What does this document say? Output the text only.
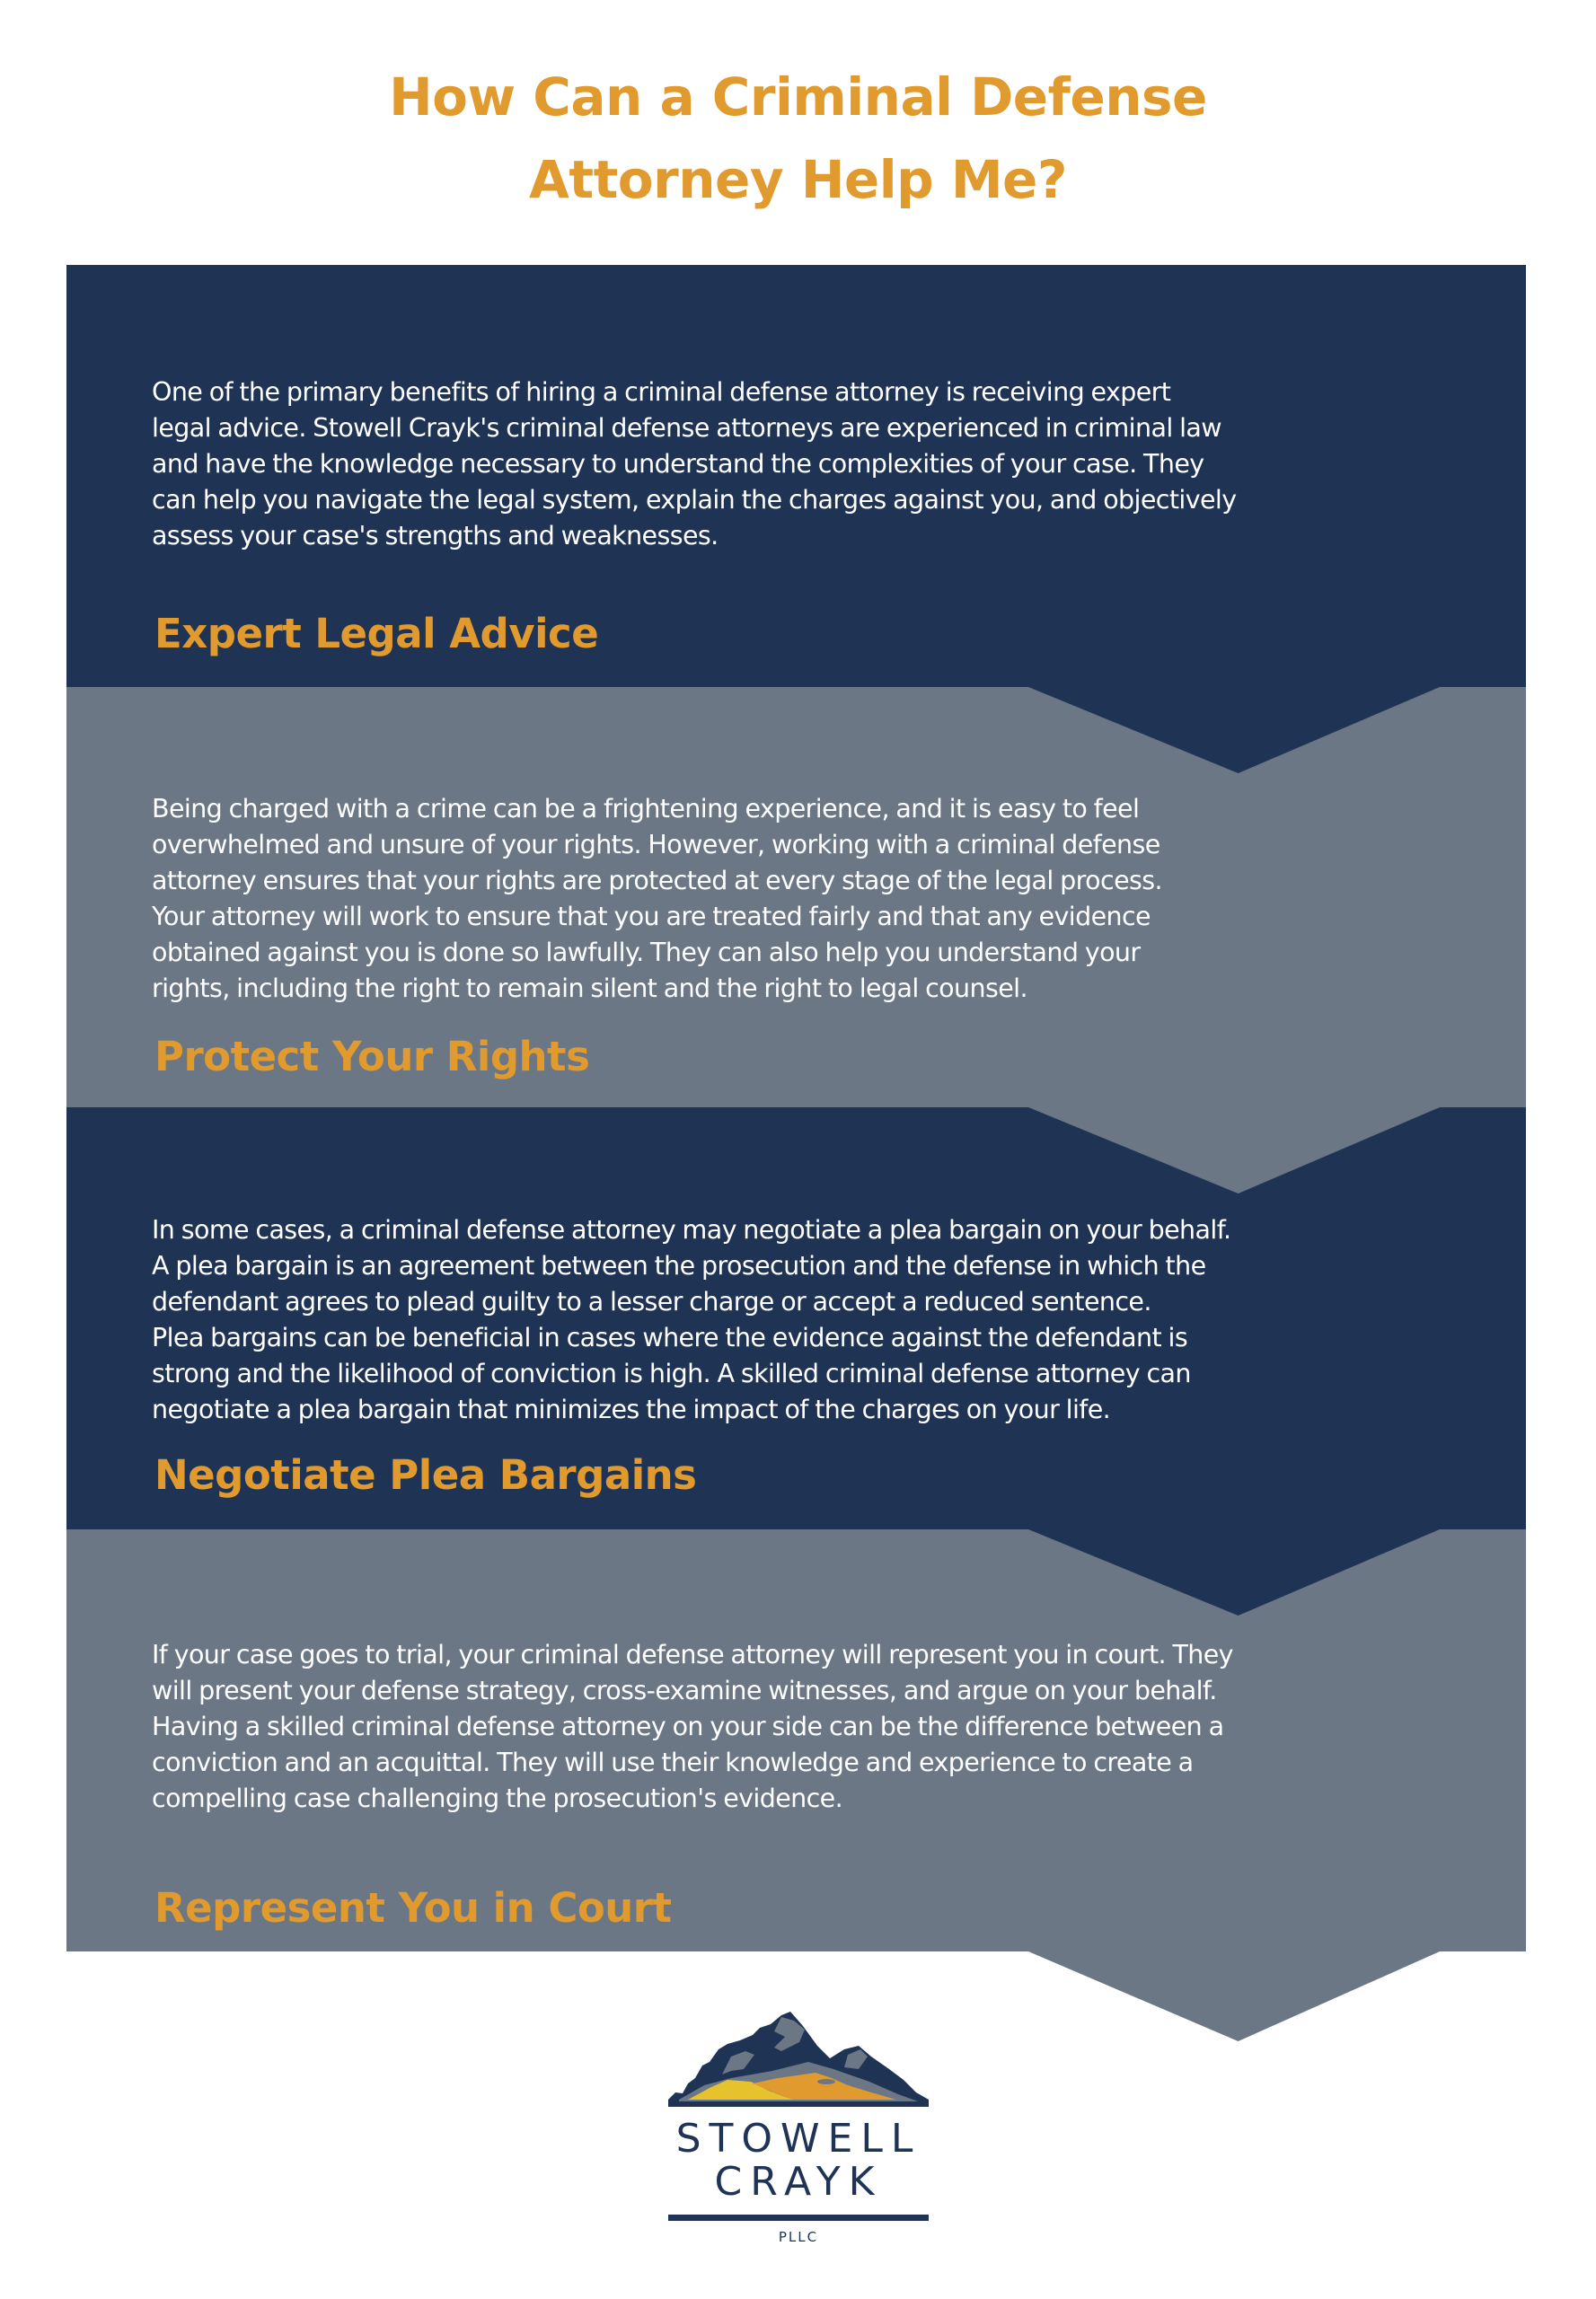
How Can a Criminal Defense
Attorney Help Me?
One of the primary benefits of hiring a criminal defense attorney is receiving expert
legal advice. Stowell Crayk's criminal defense attorneys are experienced in criminal law
and have the knowledge necessary to understand the complexities of your case. They
can help you navigate the legal system, explain the charges against you, and objectively
assess your case's strengths and weaknesses.
Expert Legal Advice
Being charged with a crime can be a frightening experience, and it is easy to feel
overwhelmed and unsure of your rights. However, working with a criminal defense
attorney ensures that your rights are protected at every stage of the legal process.
Your attorney will work to ensure that you are treated fairly and that any evidence
obtained against you is done so lawfully. They can also help you understand your
rights, including the right to remain silent and the right to legal counsel.
Protect Your Rights
In some cases, a criminal defense attorney may negotiate a plea bargain on your behalf.
A plea bargain is an agreement between the prosecution and the defense in which the
defendant agrees to plead guilty to a lesser charge or accept a reduced sentence.
Plea bargains can be beneficial in cases where the evidence against the defendant is
strong and the likelihood of conviction is high. A skilled criminal defense attorney can
negotiate a plea bargain that minimizes the impact of the charges on your life.
Negotiate Plea Bargains
If your case goes to trial, your criminal defense attorney will represent you in court. They
will present your defense strategy, cross-examine witnesses, and argue on your behalf.
Having a skilled criminal defense attorney on your side can be the difference between a
conviction and an acquittal. They will use their knowledge and experience to create a
compelling case challenging the prosecution's evidence.
Represent You in Court
STOWELL
CRAYK
PLLC
